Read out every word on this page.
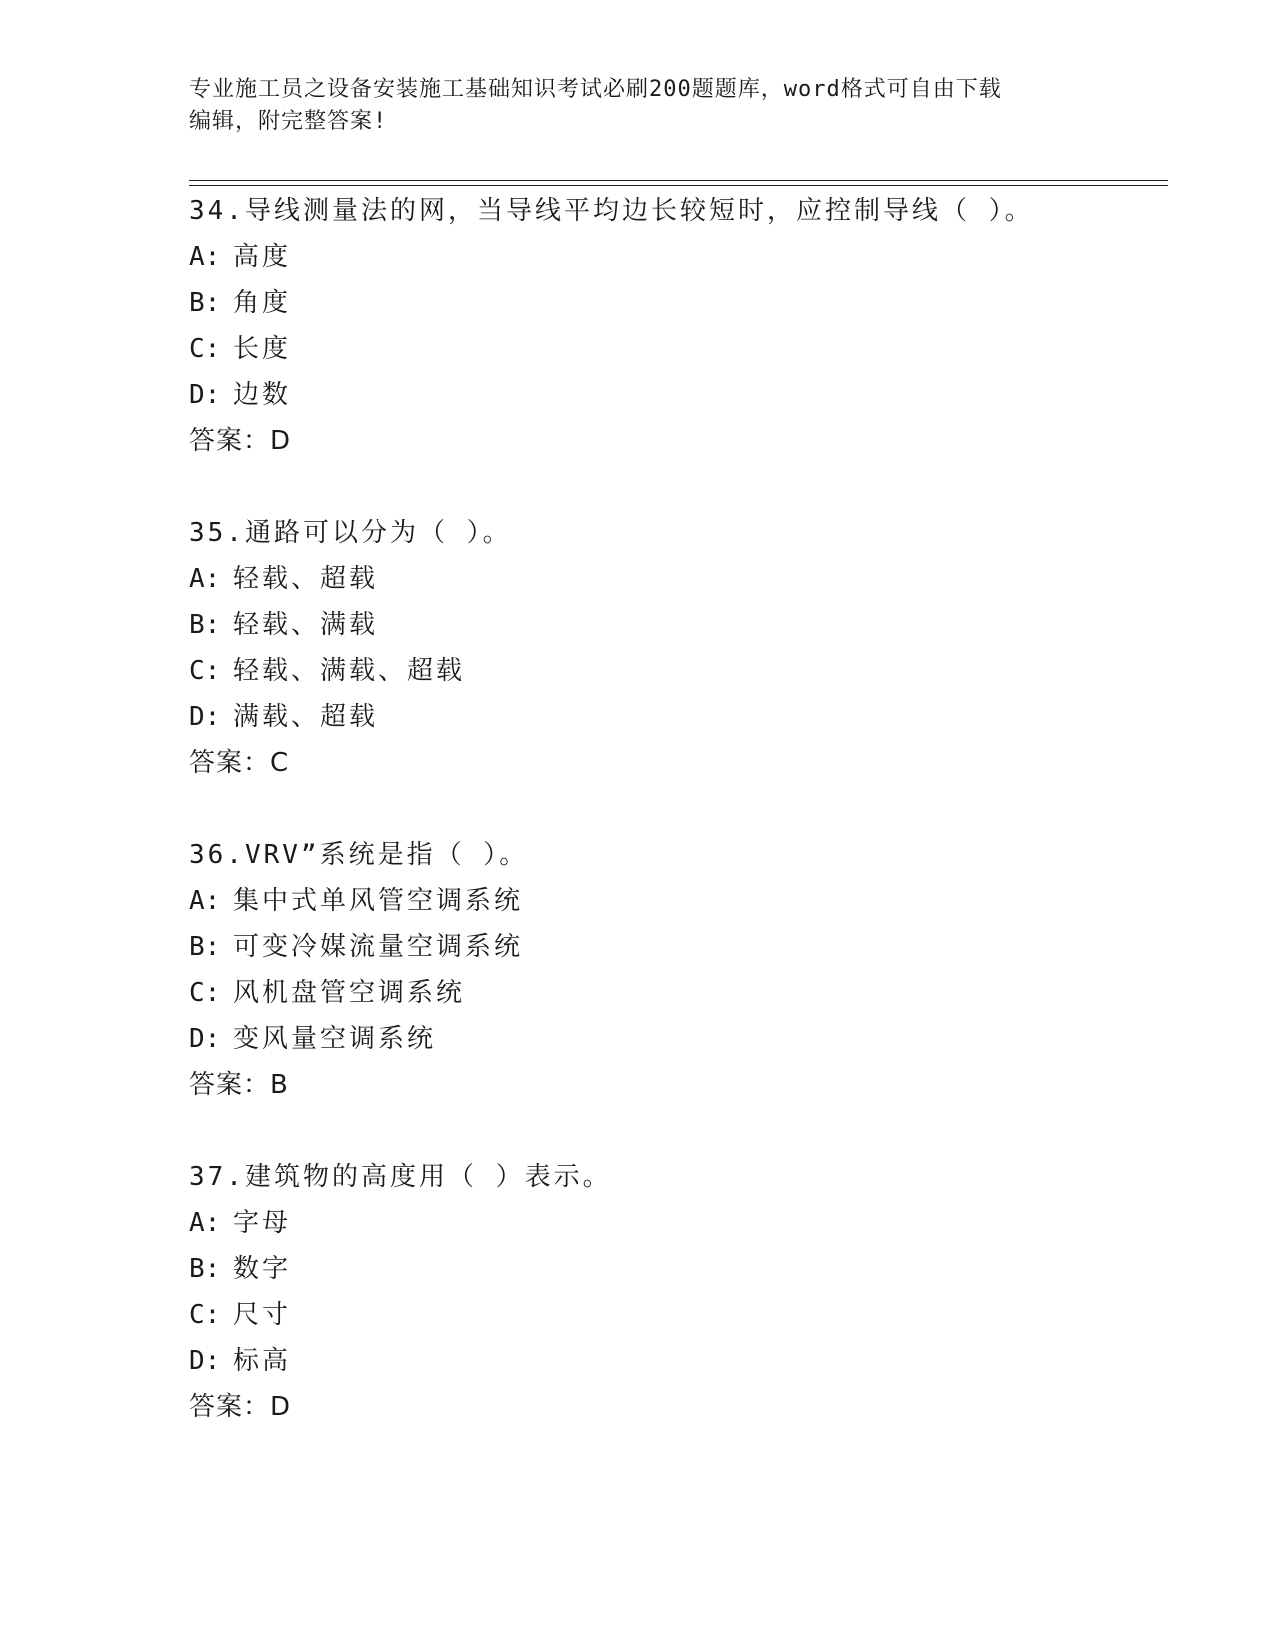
专业施工员之设备安装施工基础知识考试必刷200题题库，word格式可自由下载
编辑，附完整答案!
34.导线测量法的网，当导线平均边长较短时，应控制导线（ ）。
A: 高度
B: 角度
C: 长度
D: 边数
答案：D
35.通路可以分为（ ）。
A: 轻载、超载
B: 轻载、满载
C: 轻载、满载、超载
D: 满载、超载
答案：C
36.VRV”系统是指（ ）。
A: 集中式单风管空调系统
B: 可变冷媒流量空调系统
C: 风机盘管空调系统
D: 变风量空调系统
答案：B
37.建筑物的高度用（ ）表示。
A: 字母
B: 数字
C: 尺寸
D: 标高
答案：D
